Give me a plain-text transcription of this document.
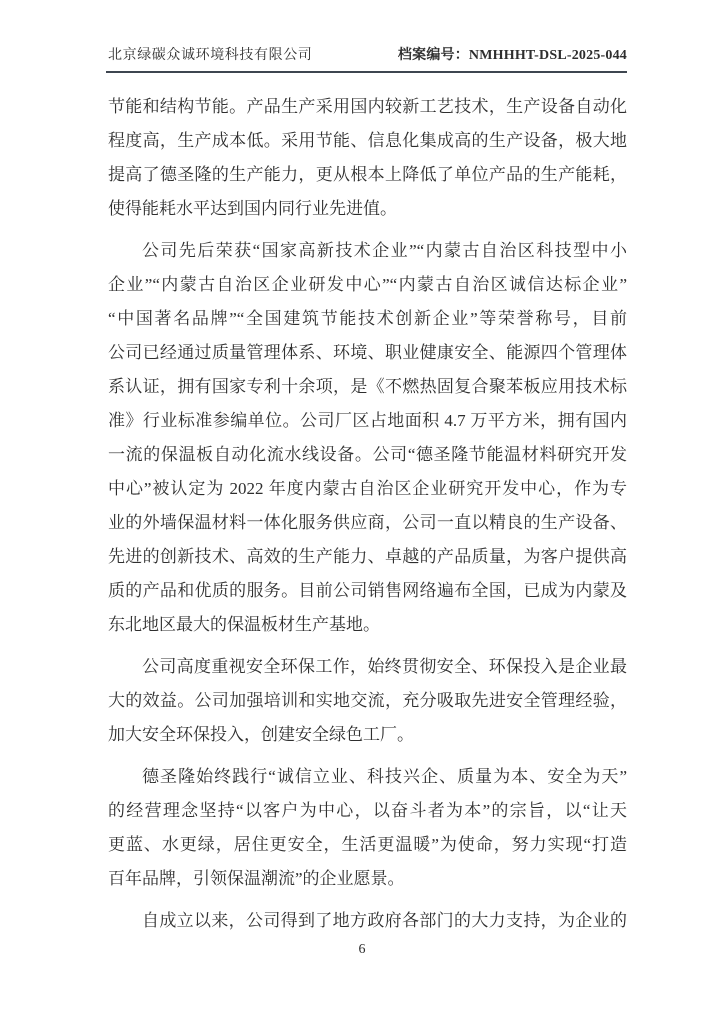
北京绿碳众诚环境科技有限公司	档案编号：NMHHHT-DSL-2025-044

节能和结构节能。产品生产采用国内较新工艺技术，生产设备自动化
程度高，生产成本低。采用节能、信息化集成高的生产设备，极大地
提高了德圣隆的生产能力，更从根本上降低了单位产品的生产能耗，
使得能耗水平达到国内同行业先进值。

公司先后荣获“国家高新技术企业”“内蒙古自治区科技型中小
企业”“内蒙古自治区企业研发中心”“内蒙古自治区诚信达标企业”
“中国著名品牌”“全国建筑节能技术创新企业”等荣誉称号，目前
公司已经通过质量管理体系、环境、职业健康安全、能源四个管理体
系认证，拥有国家专利十余项，是《不燃热固复合聚苯板应用技术标
准》行业标准参编单位。公司厂区占地面积 4.7 万平方米，拥有国内
一流的保温板自动化流水线设备。公司“德圣隆节能温材料研究开发
中心”被认定为 2022 年度内蒙古自治区企业研究开发中心，作为专
业的外墙保温材料一体化服务供应商，公司一直以精良的生产设备、
先进的创新技术、高效的生产能力、卓越的产品质量，为客户提供高
质的产品和优质的服务。目前公司销售网络遍布全国，已成为内蒙及
东北地区最大的保温板材生产基地。

公司高度重视安全环保工作，始终贯彻安全、环保投入是企业最
大的效益。公司加强培训和实地交流，充分吸取先进安全管理经验，
加大安全环保投入，创建安全绿色工厂。

德圣隆始终践行“诚信立业、科技兴企、质量为本、安全为天”
的经营理念坚持“以客户为中心，以奋斗者为本”的宗旨，以“让天
更蓝、水更绿，居住更安全，生活更温暖”为使命，努力实现“打造
百年品牌，引领保温潮流”的企业愿景。

自成立以来，公司得到了地方政府各部门的大力支持，为企业的

6
